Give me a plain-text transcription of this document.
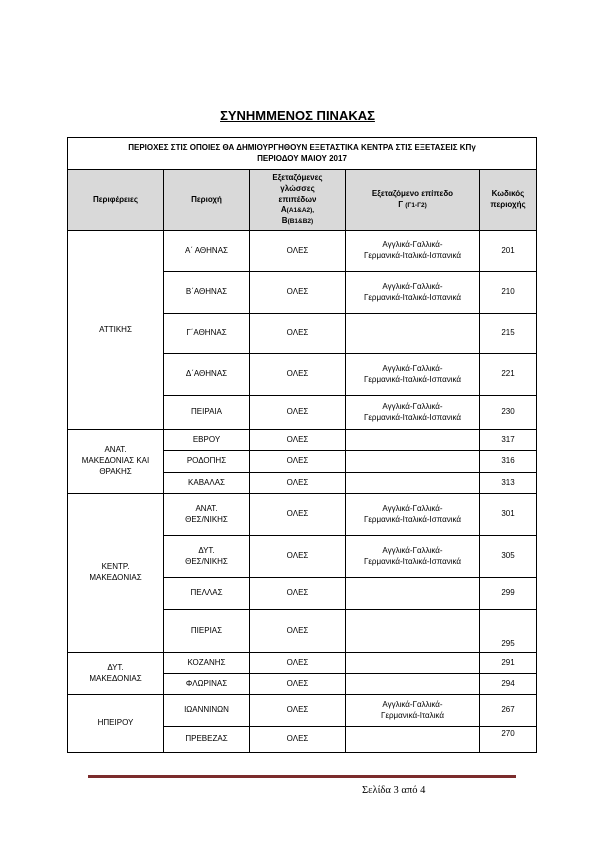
ΣΥΝΗΜΜΕΝΟΣ ΠΙΝΑΚΑΣ
ΠΕΡΙΟΧΕΣ ΣΤΙΣ ΟΠΟΙΕΣ ΘΑ ΔΗΜΙΟΥΡΓΗΘΟΥΝ ΕΞΕΤΑΣΤΙΚΑ ΚΕΝΤΡΑ ΣΤΙΣ ΕΞΕΤΑΣΕΙΣ ΚΠγ
ΠΕΡΙΟΔΟΥ ΜΑΙΟΥ 2017				
Περιφέρειες	Περιοχή	Εξεταζόμενες
γλώσσες
επιπέδων
Α(Α1&Α2),
Β(Β1&Β2)	Εξεταζόμενο επίπεδο
Γ (Γ1-Γ2)	Κωδικός
περιοχής
ΑΤΤΙΚΗΣ	Α΄ ΑΘΗΝΑΣ	ΟΛΕΣ	Αγγλικά-Γαλλικά-
Γερμανικά-Ιταλικά-Ισπανικά	201
	Β΄ΑΘΗΝΑΣ	ΟΛΕΣ	Αγγλικά-Γαλλικά-
Γερμανικά-Ιταλικά-Ισπανικά	210
	Γ΄ΑΘΗΝΑΣ	ΟΛΕΣ		215
	Δ΄ΑΘΗΝΑΣ	ΟΛΕΣ	Αγγλικά-Γαλλικά-
Γερμανικά-Ιταλικά-Ισπανικά	221
	ΠΕΙΡΑΙΑ	ΟΛΕΣ	Αγγλικά-Γαλλικά-
Γερμανικά-Ιταλικά-Ισπανικά	230
ΑΝΑΤ.
ΜΑΚΕΔΟΝΙΑΣ ΚΑΙ
ΘΡΑΚΗΣ	ΕΒΡΟΥ	ΟΛΕΣ		317
	ΡΟΔΟΠΗΣ	ΟΛΕΣ		316
	ΚΑΒΑΛΑΣ	ΟΛΕΣ		313
ΚΕΝΤΡ.
ΜΑΚΕΔΟΝΙΑΣ	ΑΝΑΤ.
ΘΕΣ/ΝΙΚΗΣ	ΟΛΕΣ	Αγγλικά-Γαλλικά-
Γερμανικά-Ιταλικά-Ισπανικά	301
	ΔΥΤ.
ΘΕΣ/ΝΙΚΗΣ	ΟΛΕΣ	Αγγλικά-Γαλλικά-
Γερμανικά-Ιταλικά-Ισπανικά	305
	ΠΕΛΛΑΣ	ΟΛΕΣ		299
	ΠΙΕΡΙΑΣ	ΟΛΕΣ		295
ΔΥΤ.
ΜΑΚΕΔΟΝΙΑΣ	ΚΟΖΑΝΗΣ	ΟΛΕΣ		291
	ΦΛΩΡΙΝΑΣ	ΟΛΕΣ		294
ΗΠΕΙΡΟΥ	ΙΩΑΝΝΙΝΩΝ	ΟΛΕΣ	Αγγλικά-Γαλλικά-
Γερμανικά-Ιταλικά	267
	ΠΡΕΒΕΖΑΣ	ΟΛΕΣ		270
Σελίδα 3 από 4
